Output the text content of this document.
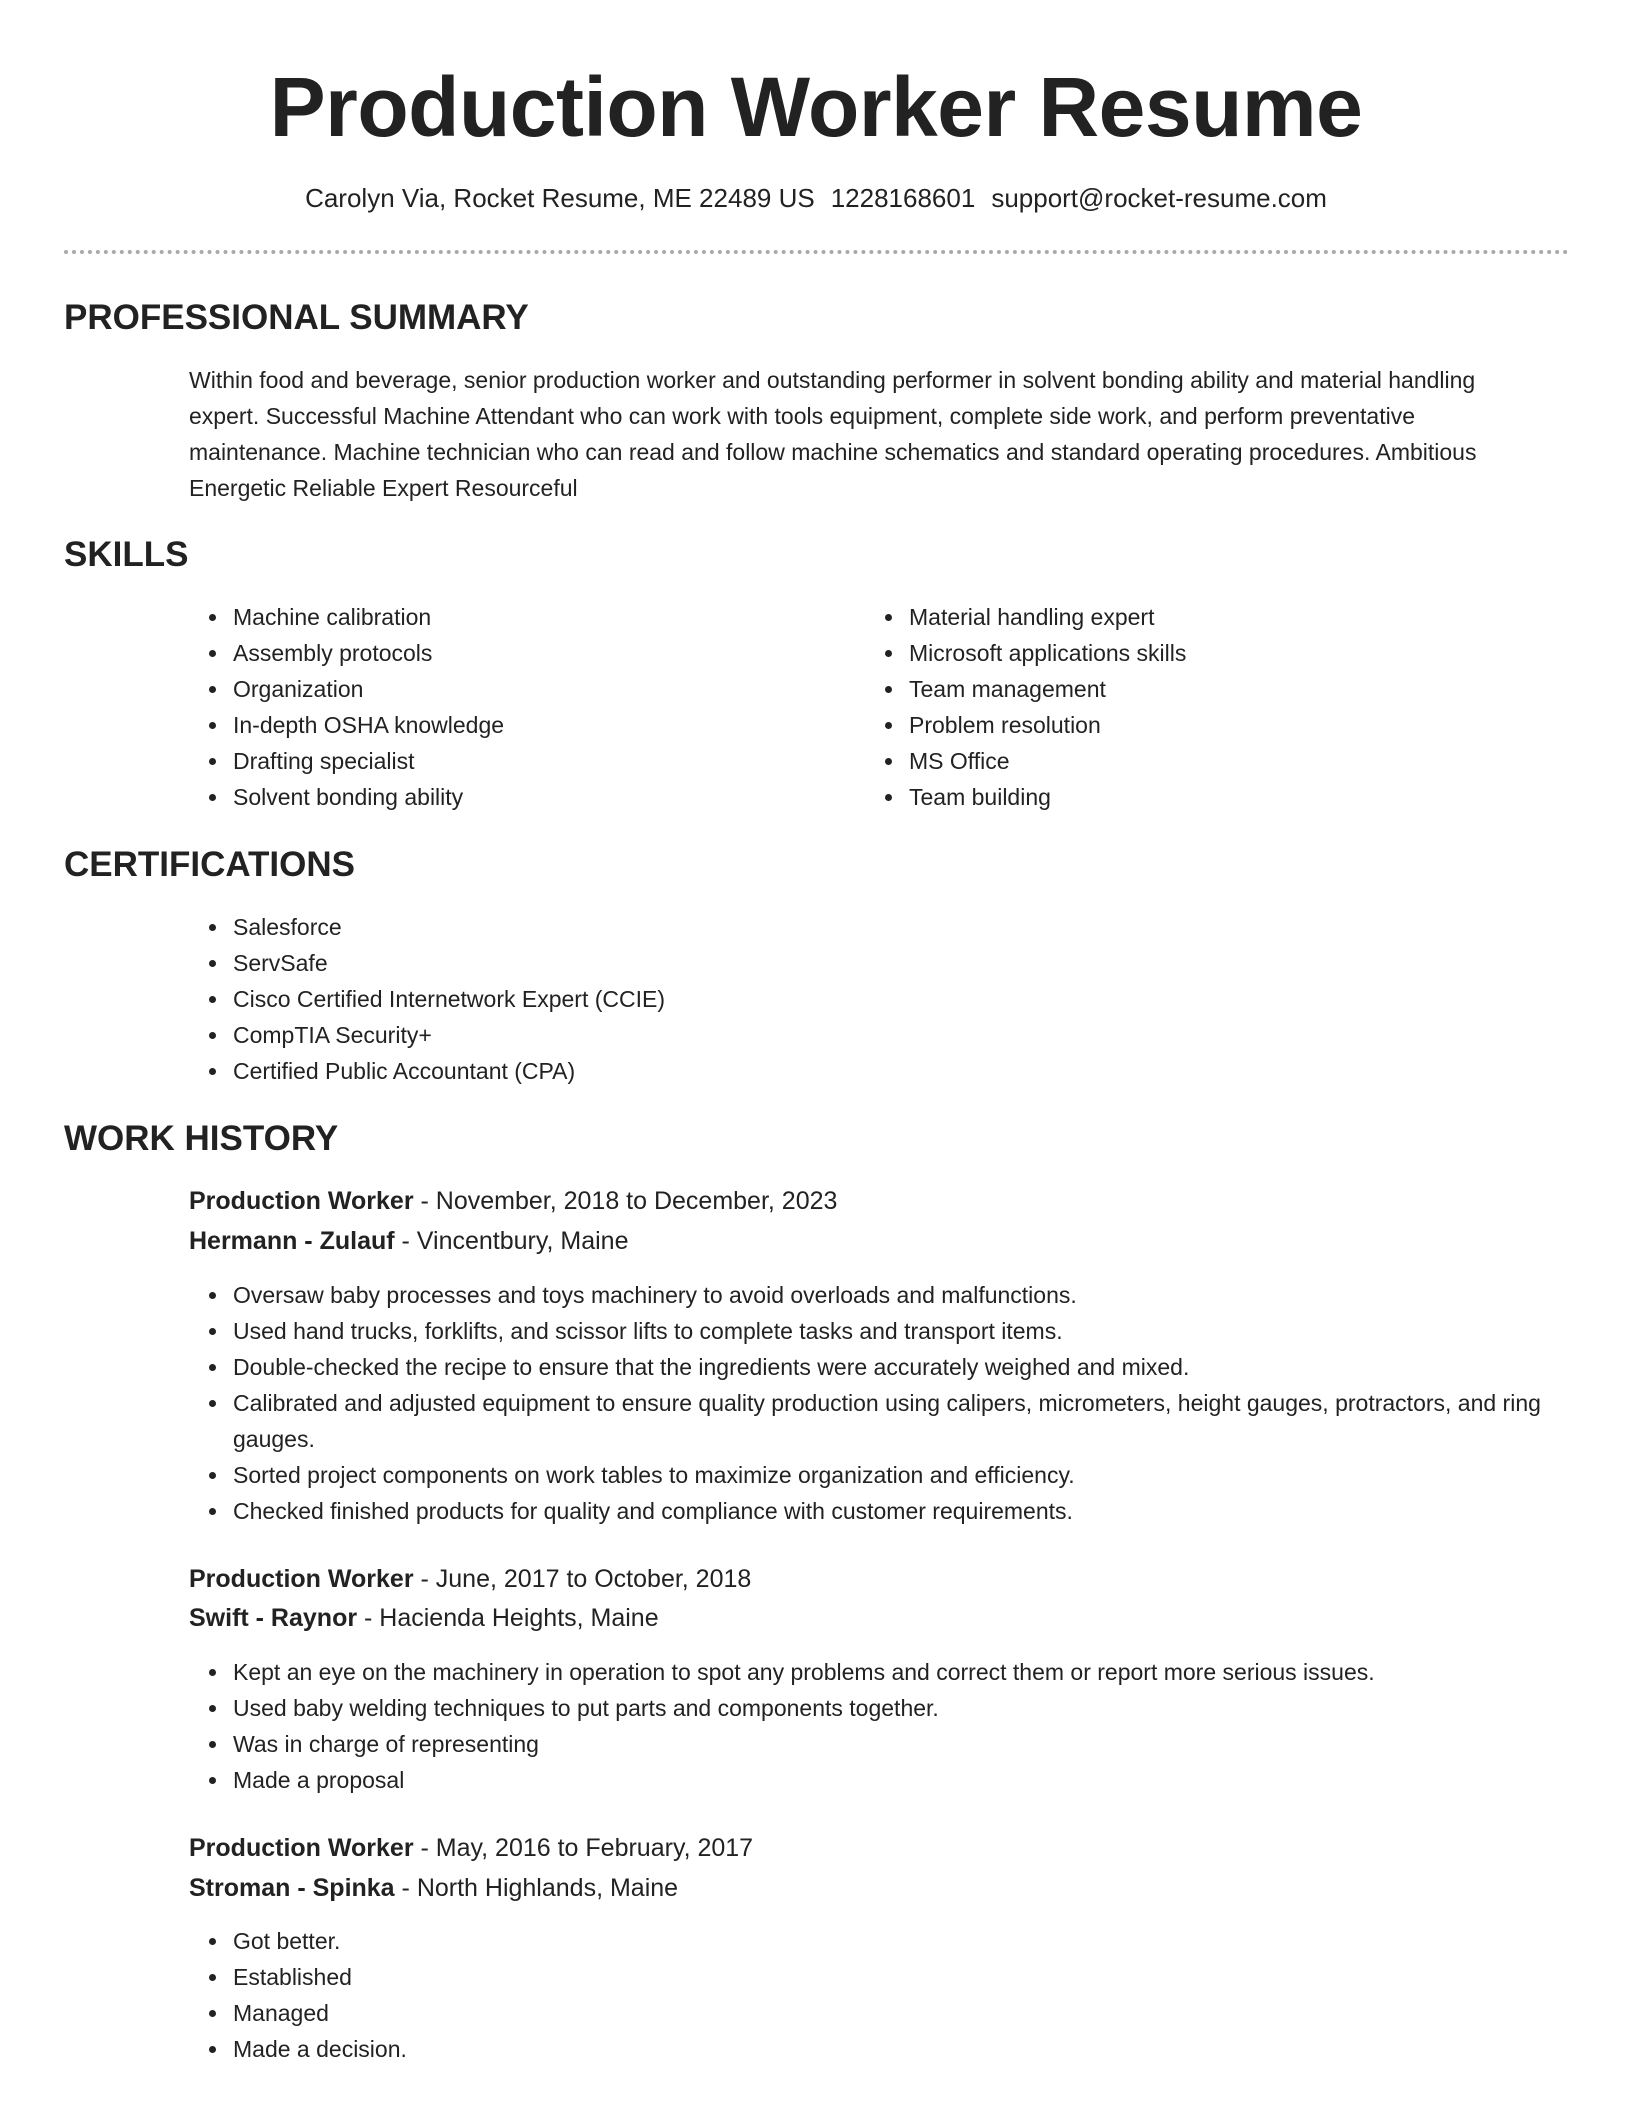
Production Worker Resume
Carolyn Via, Rocket Resume, ME 22489 US 1228168601 support@rocket-resume.com
PROFESSIONAL SUMMARY

Within food and beverage, senior production worker and outstanding performer in solvent bonding ability and material handling expert. Successful Machine Attendant who can work with tools equipment, complete side work, and perform preventative maintenance. Machine technician who can read and follow machine schematics and standard operating procedures. Ambitious Energetic Reliable Expert Resourceful

SKILLS
Machine calibration
Assembly protocols
Organization
In-depth OSHA knowledge
Drafting specialist
Solvent bonding ability
Material handling expert
Microsoft applications skills
Team management
Problem resolution
MS Office
Team building
CERTIFICATIONS
Salesforce
ServSafe
Cisco Certified Internetwork Expert (CCIE)
CompTIA Security+
Certified Public Accountant (CPA)
WORK HISTORY
Production Worker - November, 2018 to December, 2023
Hermann - Zulauf - Vincentbury, Maine
Oversaw baby processes and toys machinery to avoid overloads and malfunctions.
Used hand trucks, forklifts, and scissor lifts to complete tasks and transport items.
Double-checked the recipe to ensure that the ingredients were accurately weighed and mixed.
Calibrated and adjusted equipment to ensure quality production using calipers, micrometers, height gauges, protractors, and ring gauges.
Sorted project components on work tables to maximize organization and efficiency.
Checked finished products for quality and compliance with customer requirements.
Production Worker - June, 2017 to October, 2018
Swift - Raynor - Hacienda Heights, Maine
Kept an eye on the machinery in operation to spot any problems and correct them or report more serious issues.
Used baby welding techniques to put parts and components together.
Was in charge of representing
Made a proposal
Production Worker - May, 2016 to February, 2017
Stroman - Spinka - North Highlands, Maine
Got better.
Established
Managed
Made a decision.
